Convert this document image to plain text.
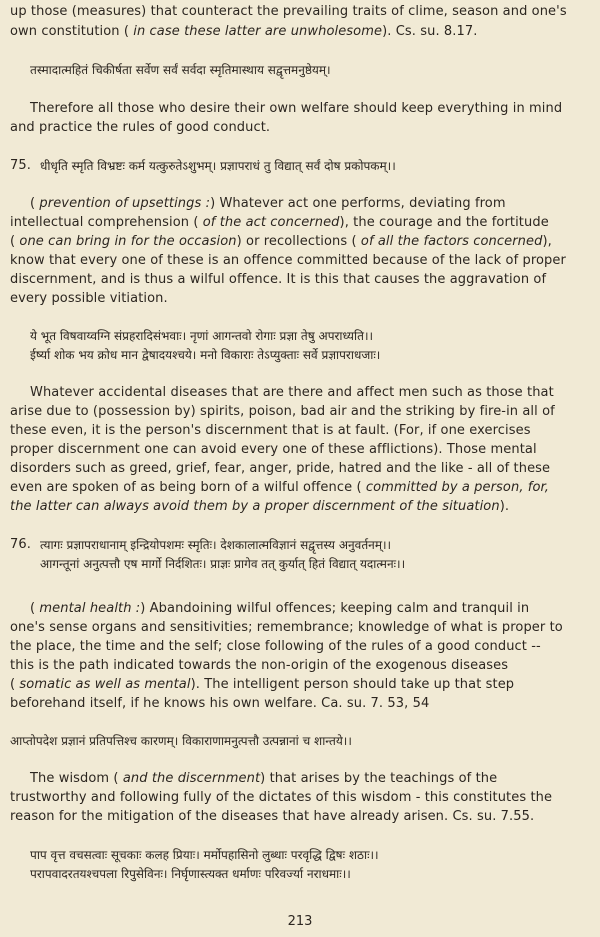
up those (measures) that counteract the prevailing traits of clime, season and one's
own constitution ( in case these latter are unwholesome). Cs. su. 8.17.
तस्मादात्महितं चिकीर्षता सर्वेण सर्वं सर्वदा स्मृतिमास्थाय सद्वृत्तमनुष्ठेयम्।
Therefore all those who desire their own welfare should keep everything in mind
and practice the rules of good conduct.
75. धीधृति स्मृति विभ्रष्टः कर्म यत्कुरुतेऽशुभम्। प्रज्ञापराधं तु विद्यात् सर्वं दोष प्रकोपकम्।।
( prevention of upsettings :) Whatever act one performs, deviating from
intellectual comprehension ( of the act concerned), the courage and the fortitude
( one can bring in for the occasion) or recollections ( of all the factors concerned),
know that every one of these is an offence committed because of the lack of proper
discernment, and is thus a wilful offence. It is this that causes the aggravation of
every possible vitiation.
ये भूत विषवाय्वग्नि संप्रहरादिसंभवाः। नृणां आगन्तवो रोगाः प्रज्ञा तेषु अपराध्यति।।
ईर्ष्या शोक भय क्रोध मान द्वेषादयश्चये। मनो विकाराः तेऽप्युक्ताः सर्वे प्रज्ञापराधजाः।
Whatever accidental diseases that are there and affect men such as those that
arise due to (possession by) spirits, poison, bad air and the striking by fire-in all of
these even, it is the person's discernment that is at fault. (For, if one exercises
proper discernment one can avoid every one of these afflictions). Those mental
disorders such as greed, grief, fear, anger, pride, hatred and the like - all of these
even are spoken of as being born of a wilful offence ( committed by a person, for,
the latter can always avoid them by a proper discernment of the situation).
76. त्यागः प्रज्ञापराधानाम् इन्द्रियोपशमः स्मृतिः। देशकालात्मविज्ञानं सद्वृत्तस्य अनुवर्तनम्।।
आगन्तूनां अनुत्पत्तौ एष मार्गो निर्दशितः। प्राज्ञः प्रागेव तत् कुर्यात् हितं विद्यात् यदात्मनः।।
( mental health :) Abandoining wilful offences; keeping calm and tranquil in
one's sense organs and sensitivities; remembrance; knowledge of what is proper to
the place, the time and the self; close following of the rules of a good conduct --
this is the path indicated towards the non-origin of the exogenous diseases
( somatic as well as mental). The intelligent person should take up that step
beforehand itself, if he knows his own welfare. Ca. su. 7. 53, 54
आप्तोपदेश प्रज्ञानं प्रतिपत्तिश्च कारणम्। विकाराणामनुत्पत्तौ उत्पन्नानां च शान्तये।।
The wisdom ( and the discernment) that arises by the teachings of the
trustworthy and following fully of the dictates of this wisdom - this constitutes the
reason for the mitigation of the diseases that have already arisen. Cs. su. 7.55.
पाप वृत्त वचसत्वाः सूचकाः कलह प्रियाः। मर्मोपहासिनो लुब्धाः परवृद्धि द्विषः शठाः।।
परापवादरतयश्चपला रिपुसेविनः। निर्घृणास्त्यक्त धर्माणः परिवर्ज्या नराधमाः।।
213
